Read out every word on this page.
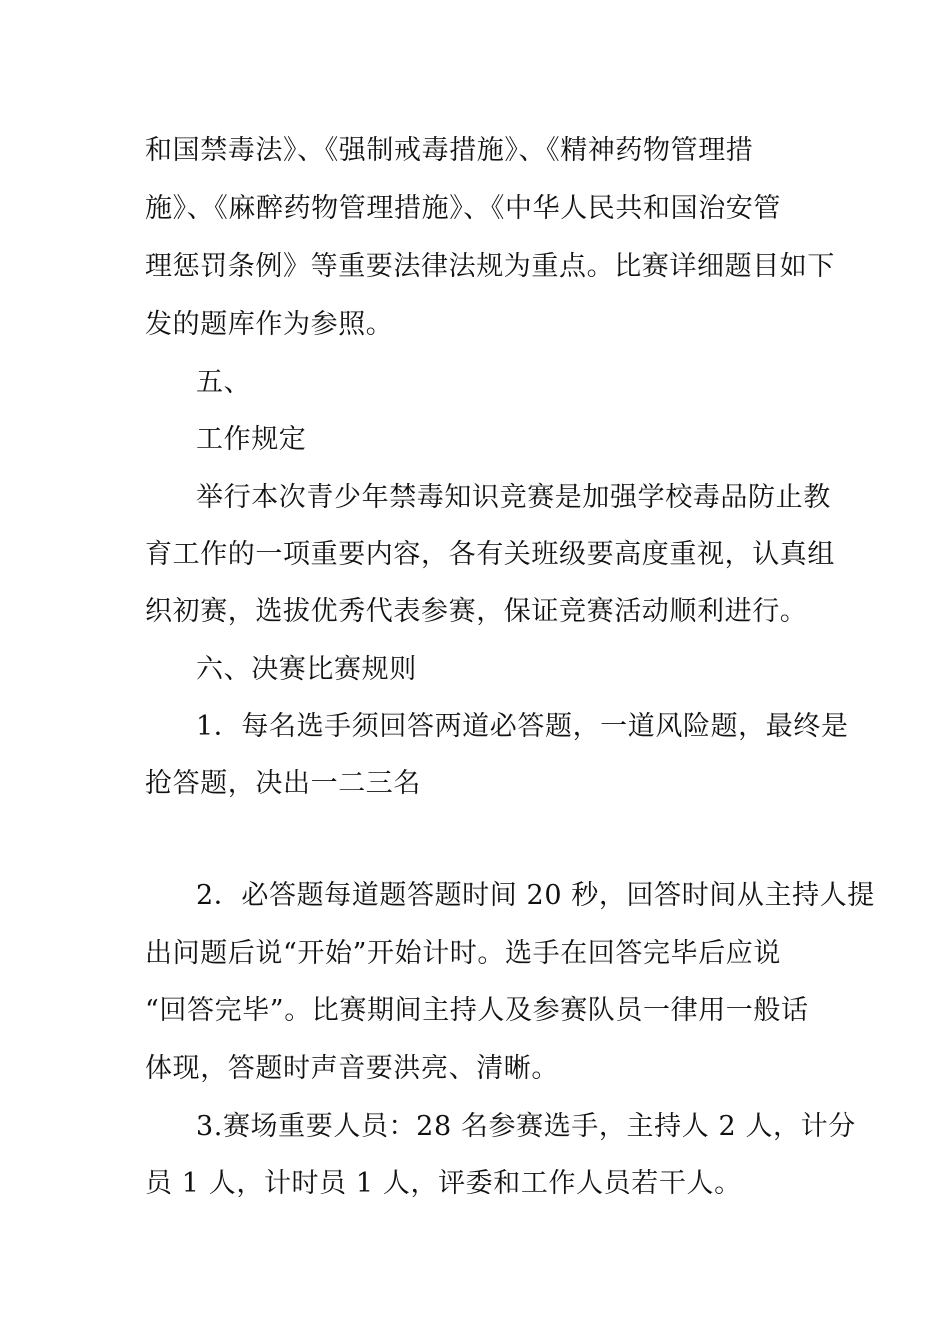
和国禁毒法》、《强制戒毒措施》、《精神药物管理措
施》、《麻醉药物管理措施》、《中华人民共和国治安管
理惩罚条例》等重要法律法规为重点。比赛详细题目如下
发的题库作为参照。
五、
工作规定
举行本次青少年禁毒知识竞赛是加强学校毒品防止教
育工作的一项重要内容，各有关班级要高度重视，认真组
织初赛，选拔优秀代表参赛，保证竞赛活动顺利进行。
六、决赛比赛规则
1．每名选手须回答两道必答题，一道风险题，最终是
抢答题，决出一二三名
2．必答题每道题答题时间 20 秒，回答时间从主持人提
出问题后说“开始”开始计时。选手在回答完毕后应说
“回答完毕”。比赛期间主持人及参赛队员一律用一般话
体现，答题时声音要洪亮、清晰。
3.赛场重要人员：28 名参赛选手，主持人 2 人，计分
员 1 人，计时员 1 人，评委和工作人员若干人。
